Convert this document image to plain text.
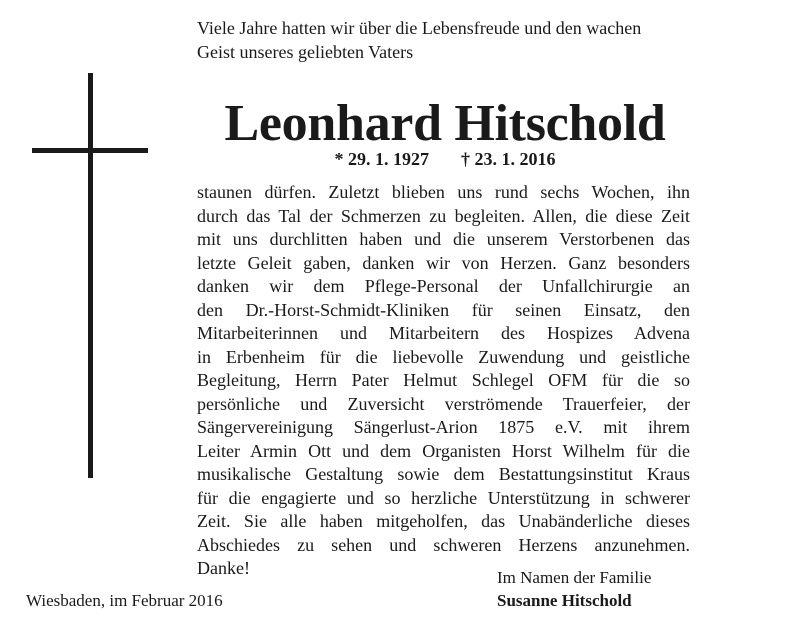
Viele Jahre hatten wir über die Lebensfreude und den wachen
Geist unseres geliebten Vaters
Leonhard Hitschold
* 29. 1. 1927 † 23. 1. 2016
staunen dürfen. Zuletzt blieben uns rund sechs Wochen, ihn
durch das Tal der Schmerzen zu begleiten. Allen, die diese Zeit
mit uns durchlitten haben und die unserem Verstorbenen das
letzte Geleit gaben, danken wir von Herzen. Ganz besonders
danken wir dem Pflege-Personal der Unfallchirurgie an
den Dr.-Horst-Schmidt-Kliniken für seinen Einsatz, den
Mitarbeiterinnen und Mitarbeitern des Hospizes Advena
in Erbenheim für die liebevolle Zuwendung und geistliche
Begleitung, Herrn Pater Helmut Schlegel OFM für die so
persönliche und Zuversicht verströmende Trauerfeier, der
Sängervereinigung Sängerlust-Arion 1875 e.V. mit ihrem
Leiter Armin Ott und dem Organisten Horst Wilhelm für die
musikalische Gestaltung sowie dem Bestattungsinstitut Kraus
für die engagierte und so herzliche Unterstützung in schwerer
Zeit. Sie alle haben mitgeholfen, das Unabänderliche dieses
Abschiedes zu sehen und schweren Herzens anzunehmen.
Danke!	Im Namen der Familie
Susanne Hitschold
Wiesbaden, im Februar 2016
